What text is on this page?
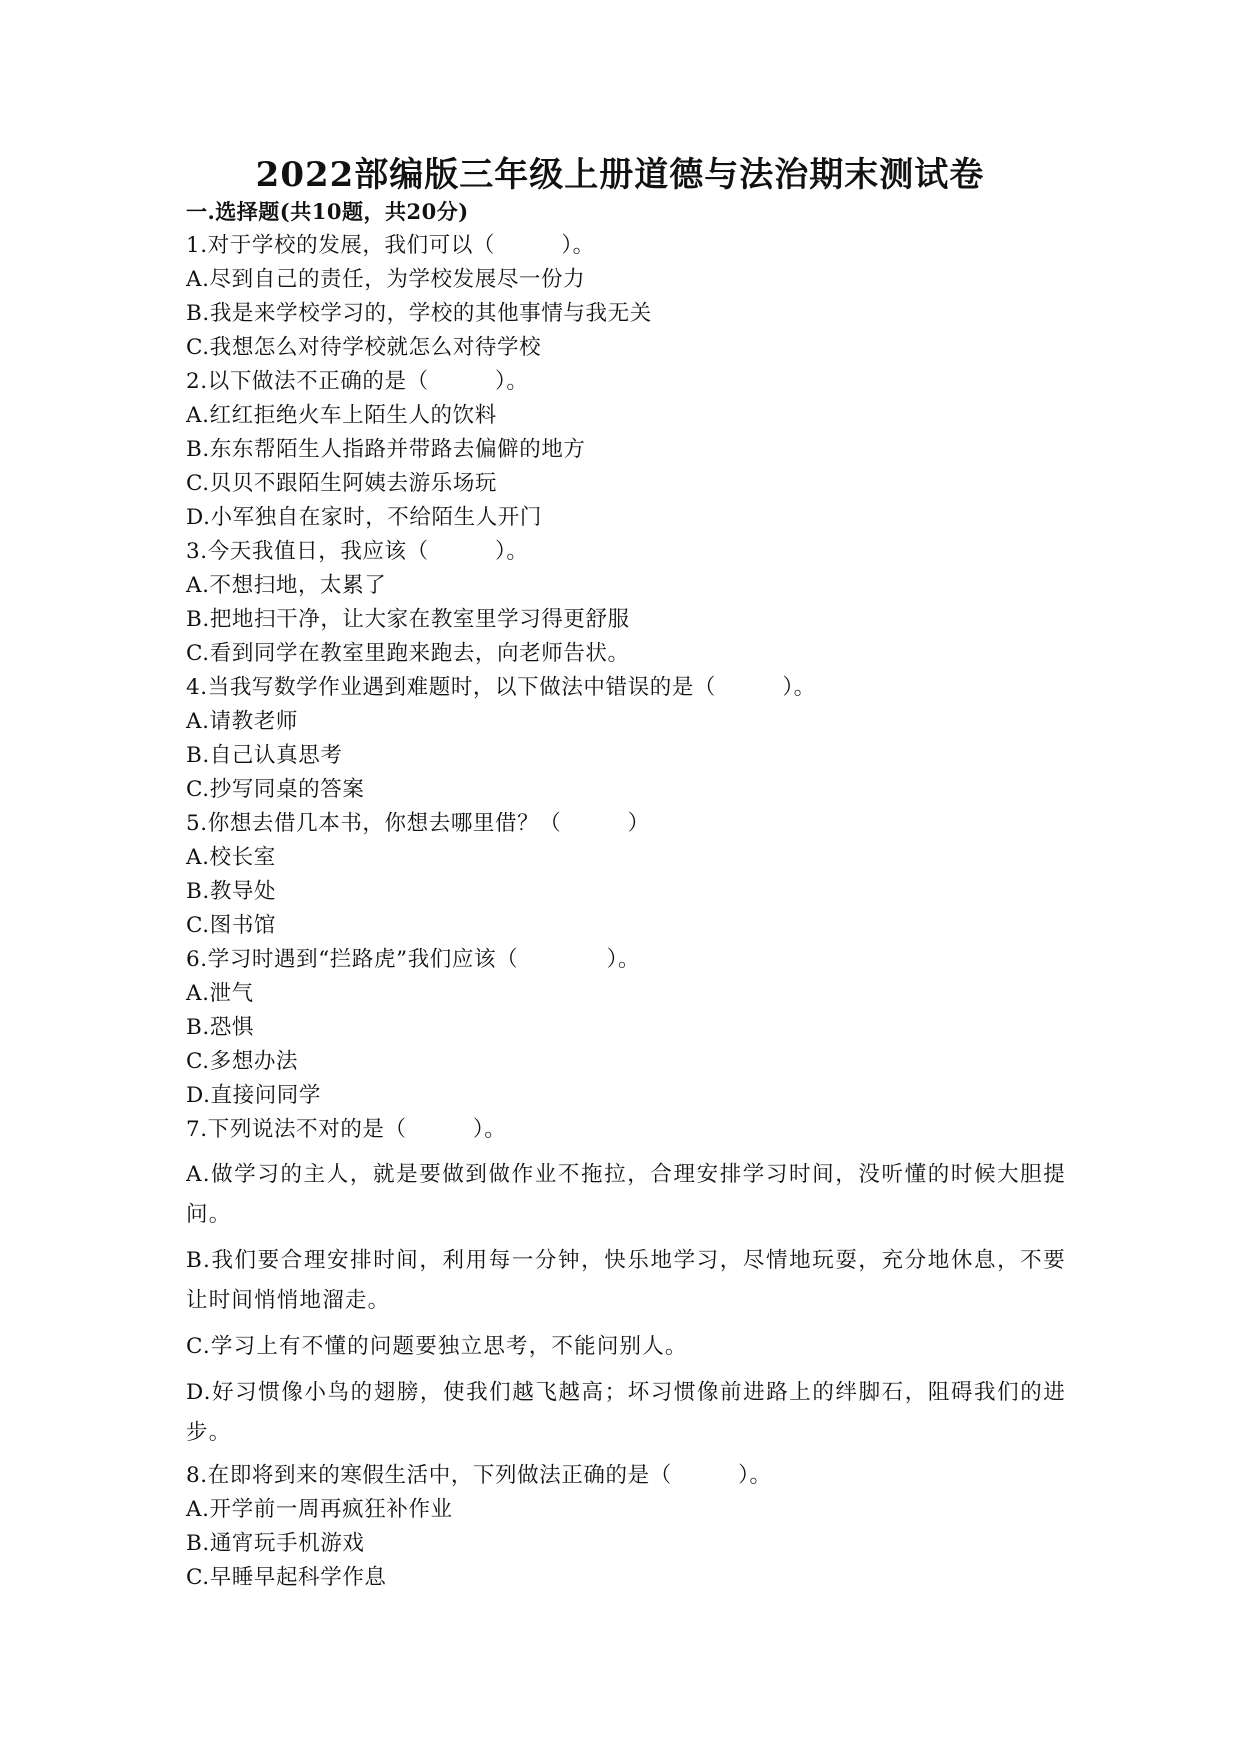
2022部编版三年级上册道德与法治期末测试卷

一.选择题(共10题，共20分)

1.对于学校的发展，我们可以（　　　）。

A.尽到自己的责任，为学校发展尽一份力

B.我是来学校学习的，学校的其他事情与我无关

C.我想怎么对待学校就怎么对待学校

2.以下做法不正确的是（　　　）。

A.红红拒绝火车上陌生人的饮料

B.东东帮陌生人指路并带路去偏僻的地方

C.贝贝不跟陌生阿姨去游乐场玩

D.小军独自在家时，不给陌生人开门

3.今天我值日，我应该（　　　）。

A.不想扫地，太累了

B.把地扫干净，让大家在教室里学习得更舒服

C.看到同学在教室里跑来跑去，向老师告状。

4.当我写数学作业遇到难题时，以下做法中错误的是（　　　）。

A.请教老师

B.自己认真思考

C.抄写同桌的答案

5.你想去借几本书，你想去哪里借？（　　　）

A.校长室

B.教导处

C.图书馆

6.学习时遇到“拦路虎”我们应该（　　　　）。

A.泄气

B.恐惧

C.多想办法

D.直接问同学

7.下列说法不对的是（　　　）。

A.做学习的主人，就是要做到做作业不拖拉，合理安排学习时间，没听懂的时候大胆提问。

B.我们要合理安排时间，利用每一分钟，快乐地学习，尽情地玩耍，充分地休息，不要让时间悄悄地溜走。

C.学习上有不懂的问题要独立思考，不能问别人。

D.好习惯像小鸟的翅膀，使我们越飞越高；坏习惯像前进路上的绊脚石，阻碍我们的进步。

8.在即将到来的寒假生活中，下列做法正确的是（　　　）。

A.开学前一周再疯狂补作业

B.通宵玩手机游戏

C.早睡早起科学作息
